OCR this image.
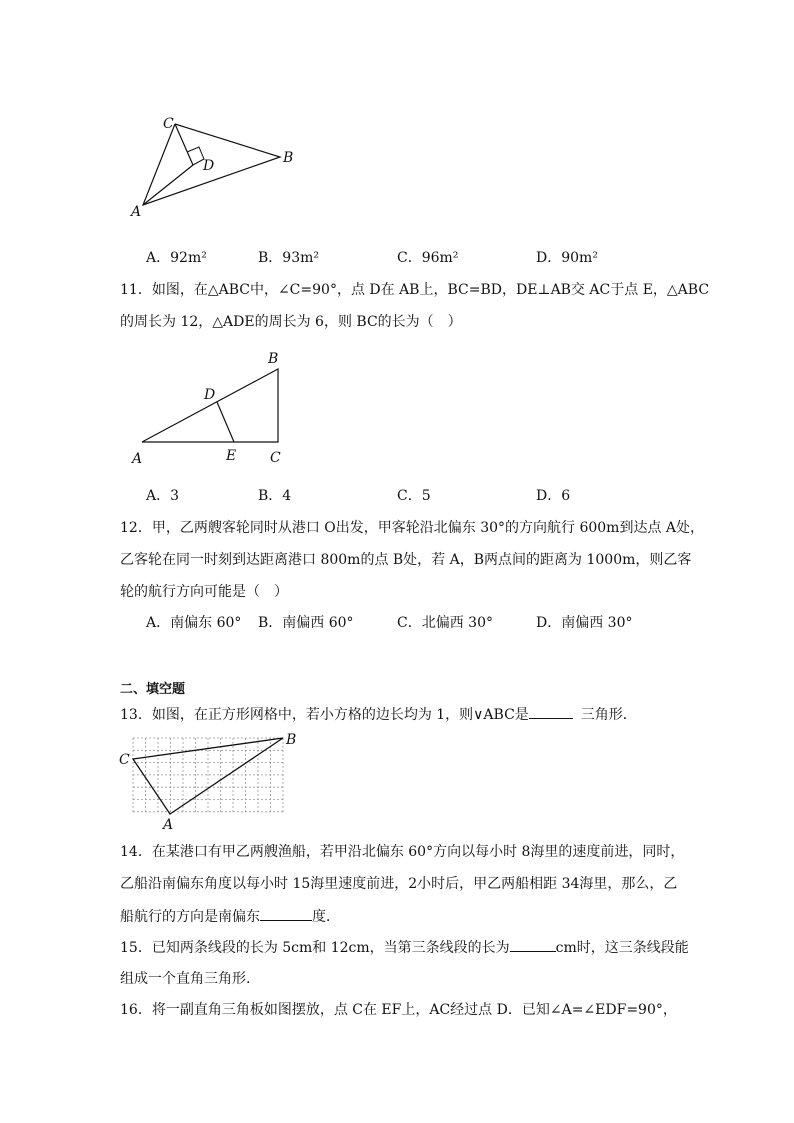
C
D	B
A
A．92m²	B．93m²	C．96m²	D．90m²
11．如图，在△ABC中，∠C=90°，点 D在 AB上，BC=BD，DE⊥AB交 AC于点 E，△ABC
的周长为 12，△ADE的周长为 6，则 BC的长为（　）
B
D
A	E C
A．3	B．4	C．5	D．6
12．甲，乙两艘客轮同时从港口 O出发，甲客轮沿北偏东 30°的方向航行 600m到达点 A处，
乙客轮在同一时刻到达距离港口 800m的点 B处，若 A，B两点间的距离为 1000m，则乙客
轮的航行方向可能是（　）
A．南偏东 60° B．南偏西 60°	C．北偏西 30°	D．南偏西 30°
二、填空题
13．如图，在正方形网格中，若小方格的边长均为 1，则∨ABC是	三角形．
C
B
A
14．在某港口有甲乙两艘渔船，若甲沿北偏东 60°方向以每小时 8海里的速度前进，同时，
乙船沿南偏东角度以每小时 15海里速度前进，2小时后，甲乙两船相距 34海里，那么，乙
船航行的方向是南偏东	度．
15．已知两条线段的长为 5cm和 12cm，当第三条线段的长为	cm时，这三条线段能
组成一个直角三角形.
16．将一副直角三角板如图摆放，点 C在 EF上，AC经过点 D．已知∠A=∠EDF=90°，
